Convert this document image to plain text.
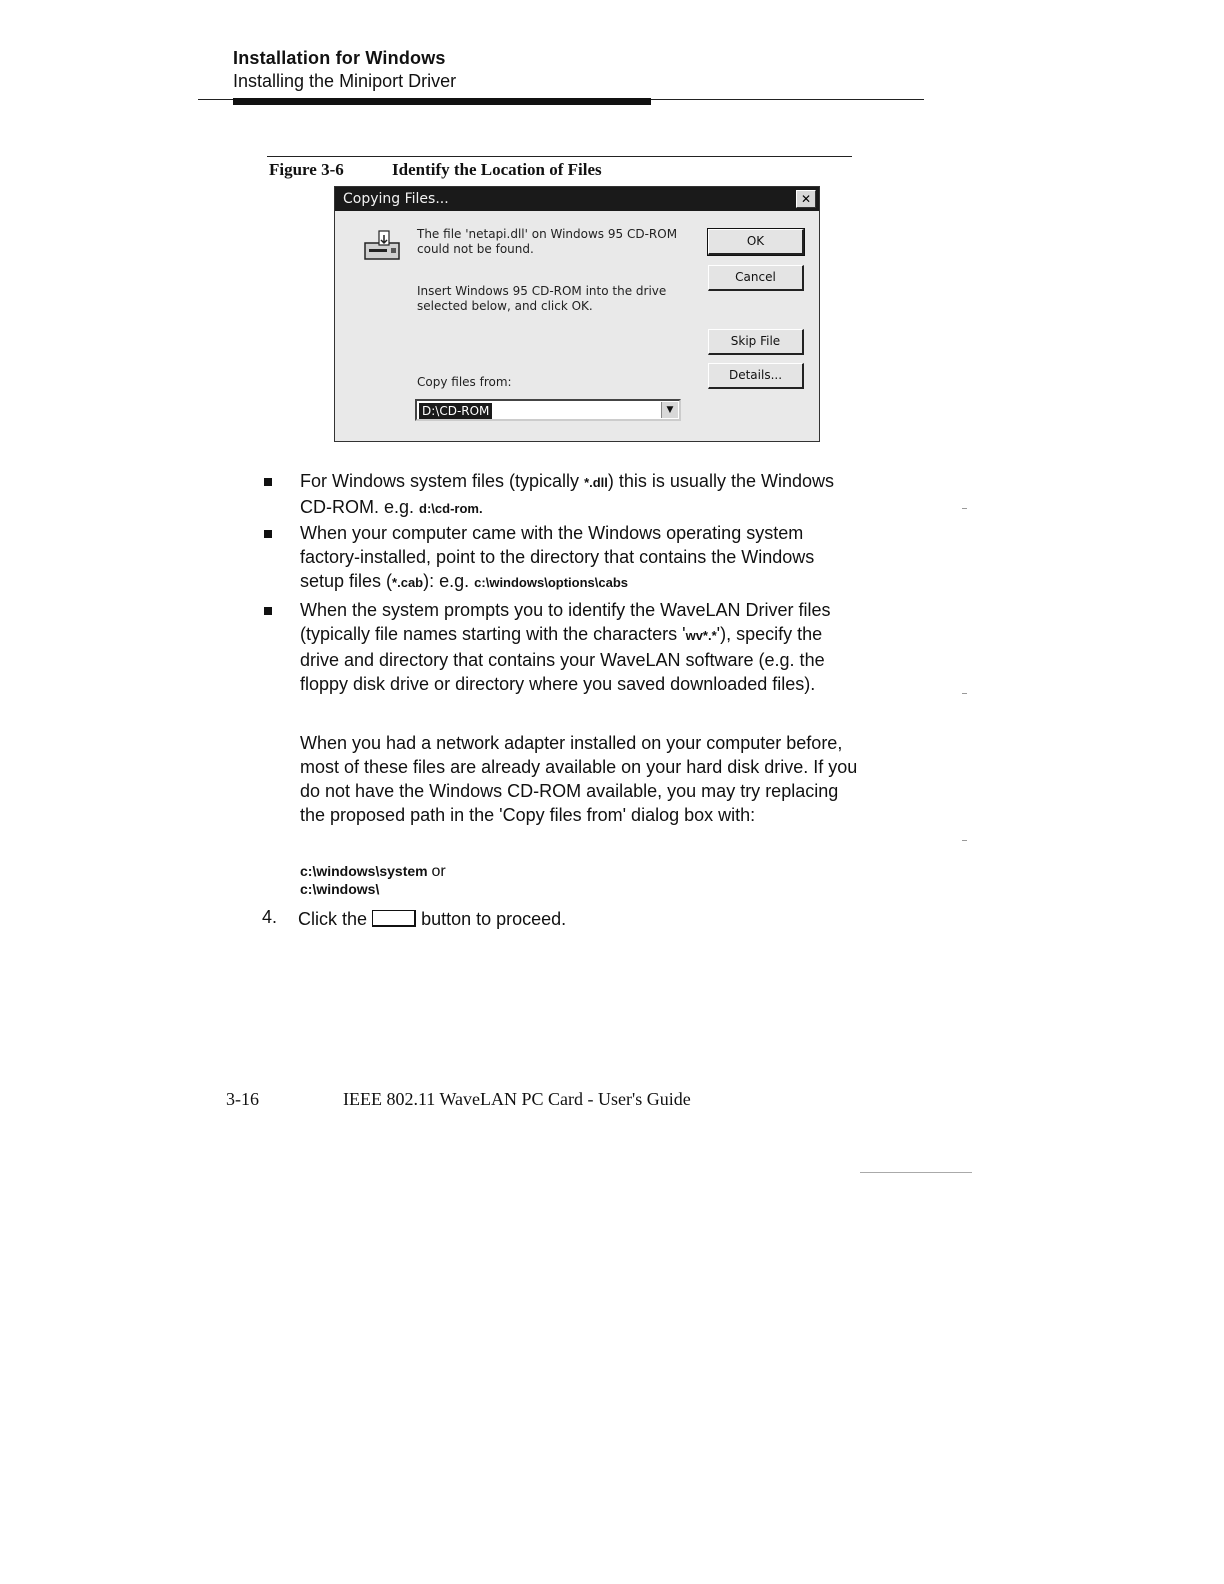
Installation for Windows
Installing the Miniport Driver
Figure 3-6	Identify the Location of Files
Copying Files...	✕
The file 'netapi.dll' on Windows 95 CD-ROM could not be found.
Insert Windows 95 CD-ROM into the drive selected below, and click OK.
Copy files from:
D:\CD-ROM	▼
OK
Cancel
Skip File
Details...
For Windows system files (typically *.dll) this is usually the Windows CD-ROM. e.g. d:\cd-rom.
When your computer came with the Windows operating system factory-installed, point to the directory that contains the Windows setup files (*.cab): e.g. c:\windows\options\cabs
When the system prompts you to identify the WaveLAN Driver files (typically file names starting with the characters 'wv*.*'), specify the drive and directory that contains your WaveLAN software (e.g. the floppy disk drive or directory where you saved downloaded files).
When you had a network adapter installed on your computer before, most of these files are already available on your hard disk drive. If you do not have the Windows CD-ROM available, you may try replacing the proposed path in the 'Copy files from' dialog box with:
c:\windows\system or
c:\windows\
4. Click the	button to proceed.
3-16	IEEE 802.11 WaveLAN PC Card - User's Guide
